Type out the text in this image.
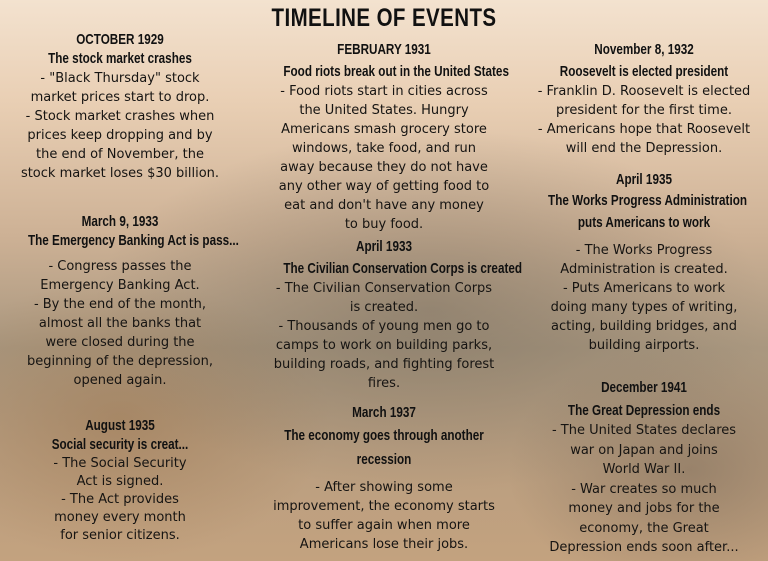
TIMELINE OF EVENTS
OCTOBER 1929
The stock market crashes
- "Black Thursday" stock
market prices start to drop.
- Stock market crashes when
prices keep dropping and by
the end of November, the
stock market loses $30 billion.
March 9, 1933
The Emergency Banking Act is pass...
- Congress passes the
Emergency Banking Act.
- By the end of the month,
almost all the banks that
were closed during the
beginning of the depression,
opened again.
August 1935
Social security is creat...
- The Social Security
Act is signed.
- The Act provides
money every month
for senior citizens.
FEBRUARY 1931
Food riots break out in the United States
- Food riots start in cities across
the United States. Hungry
Americans smash grocery store
windows, take food, and run
away because they do not have
any other way of getting food to
eat and don't have any money
to buy food.
April 1933
The Civilian Conservation Corps is created
- The Civilian Conservation Corps
is created.
- Thousands of young men go to
camps to work on building parks,
building roads, and fighting forest
fires.
March 1937
The economy goes through another
recession
- After showing some
improvement, the economy starts
to suffer again when more
Americans lose their jobs.
November 8, 1932
Roosevelt is elected president
- Franklin D. Roosevelt is elected
president for the first time.
- Americans hope that Roosevelt
will end the Depression.
April 1935
The Works Progress Administration
puts Americans to work
- The Works Progress
Administration is created.
- Puts Americans to work
doing many types of writing,
acting, building bridges, and
building airports.
December 1941
The Great Depression ends
- The United States declares
war on Japan and joins
World War II.
- War creates so much
money and jobs for the
economy, the Great
Depression ends soon after...
